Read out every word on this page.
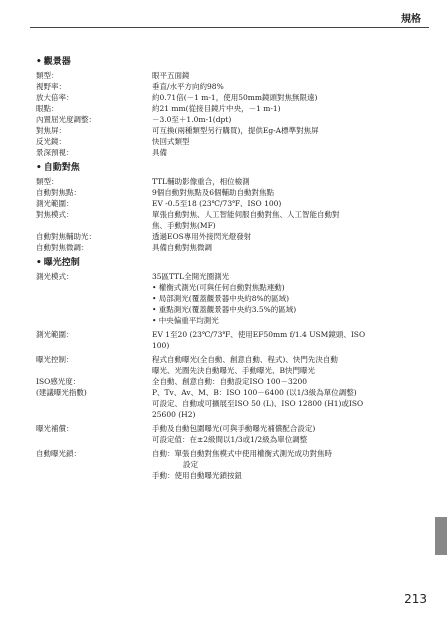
規格
• 觀景器
類型：	眼平五面鏡
視野率：	垂直/水平方向約98%
放大倍率：	約0.71倍(－1 m-1，使用50mm鏡頭對焦無限遠)
眼點：	約21 mm(從接目鏡片中央，－1 m-1)
內置屈光度調整：	－3.0至＋1.0m-1(dpt)
對焦屏：	可互換(兩種類型另行購買)，提供Eg-A標準對焦屏
反光鏡：	快回式類型
景深預視：	具備
• 自動對焦
類型：	TTL輔助影像重合，相位檢測
自動對焦點：	9個自動對焦點及6個輔助自動對焦點
測光範圍：	EV -0.5至18 (23℃/73℉、ISO 100)
對焦模式：	單張自動對焦、人工智能伺服自動對焦、人工智能自動對
焦、手動對焦(MF)
自動對焦輔助光：	透過EOS專用外接閃光燈發射
自動對焦微調：	具備自動對焦微調
• 曝光控制
測光模式：	35區TTL全開光圈測光
• 權衡式測光(可與任何自動對焦點連動)
• 局部測光(覆蓋觀景器中央約8%的區域)
• 重點測光(覆蓋觀景器中央約3.5%的區域)
• 中央偏重平均測光
測光範圍：	EV 1至20 (23℃/73℉、使用EF50mm f/1.4 USM鏡頭、ISO
100)
曝光控制：	程式自動曝光(全自動、創意自動、程式)、快門先決自動
曝光、光圈先決自動曝光、手動曝光、B快門曝光
ISO感光度：	全自動、創意自動：自動設定ISO 100－3200
(建議曝光指數)	P、Tv、Av、M、B：ISO 100－6400 (以1/3級為單位調整)
可設定、自動或可擴展至ISO 50 (L)、ISO 12800 (H1)或ISO
25600 (H2)
曝光補償：	手動及自動包圍曝光(可與手動曝光補償配合設定)
可設定值：在±2級間以1/3或1/2級為單位調整
自動曝光鎖：	自動：單張自動對焦模式中使用權衡式測光成功對焦時
設定
手動：使用自動曝光鎖按鈕
213
